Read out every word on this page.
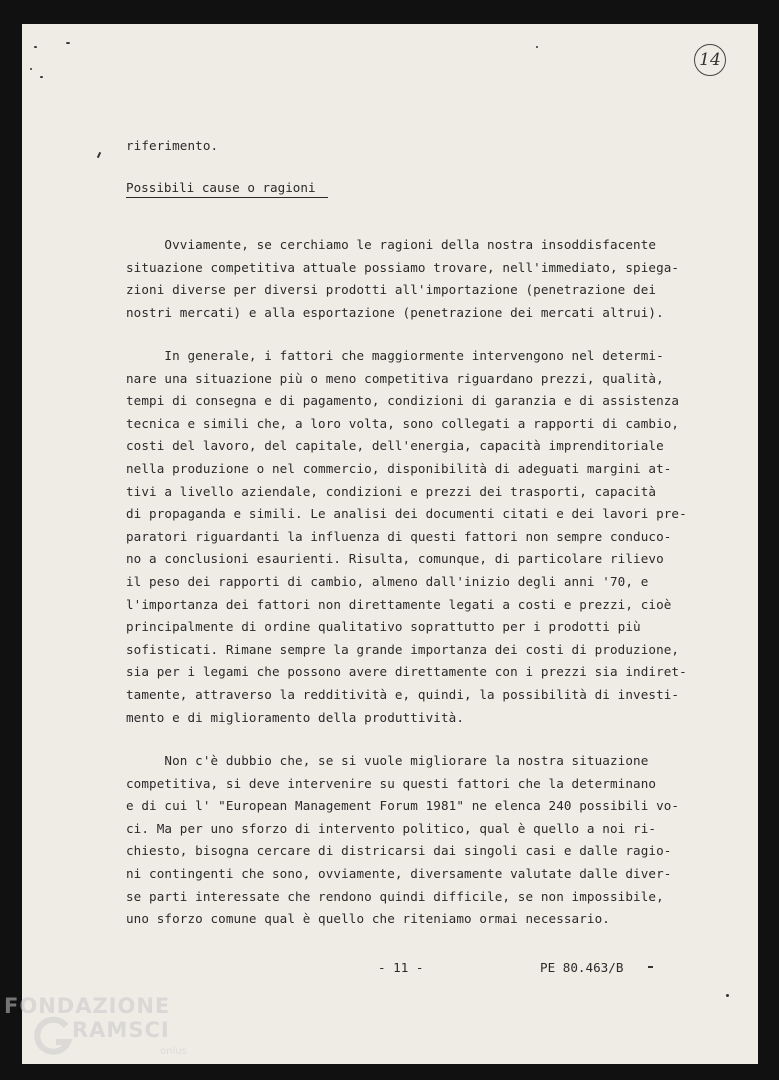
14
riferimento.
Possibili cause o ragioni
Ovviamente, se cerchiamo le ragioni della nostra insoddisfacente
situazione competitiva attuale possiamo trovare, nell'immediato, spiega-
zioni diverse per diversi prodotti all'importazione (penetrazione dei
nostri mercati) e alla esportazione (penetrazione dei mercati altrui).
In generale, i fattori che maggiormente intervengono nel determi-
nare una situazione più o meno competitiva riguardano prezzi, qualità,
tempi di consegna e di pagamento, condizioni di garanzia e di assistenza
tecnica e simili che, a loro volta, sono collegati a rapporti di cambio,
costi del lavoro, del capitale, dell'energia, capacità imprenditoriale
nella produzione o nel commercio, disponibilità di adeguati margini at-
tivi a livello aziendale, condizioni e prezzi dei trasporti, capacità
di propaganda e simili. Le analisi dei documenti citati e dei lavori pre-
paratori riguardanti la influenza di questi fattori non sempre conduco-
no a conclusioni esaurienti. Risulta, comunque, di particolare rilievo
il peso dei rapporti di cambio, almeno dall'inizio degli anni '70, e
l'importanza dei fattori non direttamente legati a costi e prezzi, cioè
principalmente di ordine qualitativo soprattutto per i prodotti più
sofisticati. Rimane sempre la grande importanza dei costi di produzione,
sia per i legami che possono avere direttamente con i prezzi sia indiret-
tamente, attraverso la redditività e, quindi, la possibilità di investi-
mento e di miglioramento della produttività.
Non c'è dubbio che, se si vuole migliorare la nostra situazione
competitiva, si deve intervenire su questi fattori che la determinano
e di cui l' "European Management Forum 1981" ne elenca 240 possibili vo-
ci. Ma per uno sforzo di intervento politico, qual è quello a noi ri-
chiesto, bisogna cercare di districarsi dai singoli casi e dalle ragio-
ni contingenti che sono, ovviamente, diversamente valutate dalle diver-
se parti interessate che rendono quindi difficile, se non impossibile,
uno sforzo comune qual è quello che riteniamo ormai necessario.
- 11 -	PE 80.463/B
FONDAZIONE
RAMSCI
onlus
